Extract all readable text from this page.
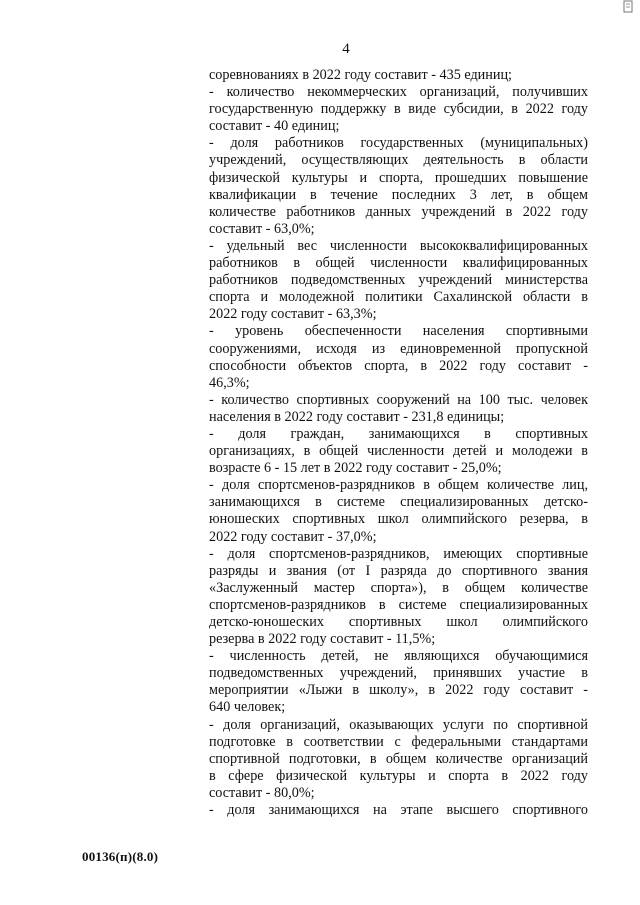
4
соревнованиях в 2022 году составит - 435 единиц;
- количество некоммерческих организаций, получивших
государственную поддержку в виде субсидии, в 2022 году
составит - 40 единиц;
- доля работников государственных (муниципальных)
учреждений, осуществляющих деятельность в области
физической культуры и спорта, прошедших повышение
квалификации в течение последних 3 лет, в общем
количестве работников данных учреждений в 2022 году
составит - 63,0%;
- удельный вес численности высококвалифицированных
работников в общей численности квалифицированных
работников подведомственных учреждений министерства
спорта и молодежной политики Сахалинской области в
2022 году составит - 63,3%;
- уровень обеспеченности населения спортивными
сооружениями, исходя из единовременной пропускной
способности объектов спорта, в 2022 году составит -
46,3%;
- количество спортивных сооружений на 100 тыс. человек
населения в 2022 году составит - 231,8 единицы;
- доля граждан, занимающихся в спортивных
организациях, в общей численности детей и молодежи в
возрасте 6 - 15 лет в 2022 году составит - 25,0%;
- доля спортсменов-разрядников в общем количестве лиц,
занимающихся в системе специализированных детско-
юношеских спортивных школ олимпийского резерва, в
2022 году составит - 37,0%;
- доля спортсменов-разрядников, имеющих спортивные
разряды и звания (от I разряда до спортивного звания
«Заслуженный мастер спорта»), в общем количестве
спортсменов-разрядников в системе специализированных
детско-юношеских спортивных школ олимпийского
резерва в 2022 году составит - 11,5%;
- численность детей, не являющихся обучающимися
подведомственных учреждений, принявших участие в
мероприятии «Лыжи в школу», в 2022 году составит -
640 человек;
- доля организаций, оказывающих услуги по спортивной
подготовке в соответствии с федеральными стандартами
спортивной подготовки, в общем количестве организаций
в сфере физической культуры и спорта в 2022 году
составит - 80,0%;
- доля занимающихся на этапе высшего спортивного
00136(п)(8.0)
